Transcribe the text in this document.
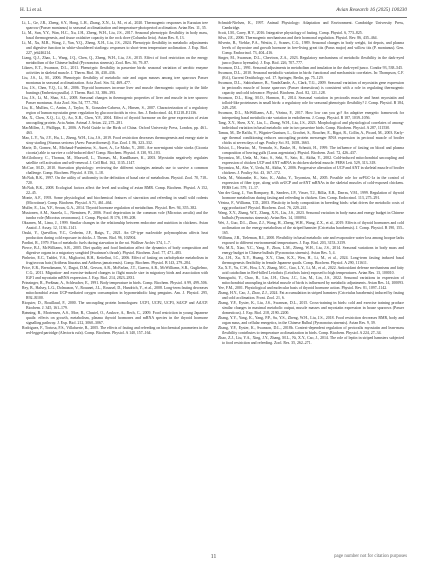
H. Li et al.	Avian Research 16 (2025) 100230

Li, L., Ge, J.R., Zheng, S.Y., Hong, L.H., Zhang, X.N., Li, M., et al., 2020. Thermogenic responses in Eurasian tree sparrow (Passer montanus) to seasonal acclimatization and temperature-photoperiod acclimation. Avian Res. 11, 35.

Li, M., Sun, Y.Y., Wan, H.C., Xu, J.H., Zheng, W.H., Liu, J.S., 2017. Seasonal phenotypic flexibility in body mass, basal thermogenesis, and tissue oxidative capacity in the rock dove (Columba livia). Avian Res. 8, 13.

Li, M., Xu, M.R., Wang, J., Yan, Y.Q., Zheng, X.H., Liu, J.S., 2024. Phenotypic flexibility in metabolic adjustments and digestive function in white-shouldered starlings: responses to short-term temperature acclimation. J. Exp. Biol. 227, jeb246214.

Liang, Q.J., Zhao, L., Wang, J.Q., Chen, Q., Zheng, W.H., Liu, J.S., 2015. Effect of food restriction on the energy metabolism of the Chinese bulbul (Pycnonotus sinensis). Zool. Res. 36, 79–87.

Liknes, E.T., Swanson, D.L., 2011. Phenotypic flexibility in passerine birds: seasonal variation of aerobic enzyme activities in skeletal muscle. J. Therm. Biol. 36, 430–436.

Liu, J.S., Li, M., 2006. Phenotypic flexibility of metabolic rate and organ masses among tree sparrows Passer montanus in seasonal acclimatization. Acta Zool. Sin. 52, 469–477.

Liu, J.S., Chen, Y.Q., Li, M., 2006. Thyroid hormones increase liver and muscle thermogenic capacity in the little buntings (Emberiza pusilla). J. Therm. Biol. 31, 386–393.

Liu, J.S., Li, M., Shao, S.L., 2008. Seasonal changes in thermogenic properties of liver and muscle in tree sparrow Passer montanus. Acta Zool. Sin. 54, 777–784.

Liu, K., Mullins, C., Arnim, J., Taylor, N., Gonzalez-Cabrera, A., Hinsen, S., 2007. Characterization of a regulatory region of human myostatin gene: regulation by glucocorticoids in vivo. Am. J. Endocrinol. 44, E1218–E1136.

Ma, X., Chen, X.Q., Li, Q., Ao, X.R., Chen, Y.F., 2004. Effect of thyroid hormone on the gene expression of avian uncoupling protein. Acta Anim. Avimal J. Avian. 22, 275–281.

MacMillen, J., Phillipps, E., 2006. A Field Guide to the Birds of China. Oxford University Press, London, pp. 461–463.

Mao, L.Y., Yu, J.Y., Hu, L., Zheng, W.H., Liu, J.S., 2019. Food restriction decreases thermogenesis and energy state in stray starling (Sturnus sericeus (Aves: Passeriformes)). Eur. Zool. J. 86, 323–332.

Marie, D., Gomez, M., Michaud-Funtenteur, S., Auret, A., Le Maho, Y., 2001. Are non-migrant white storks (Ciconia ciconia) able to survive a cold-induced diet? Comp. Biochem. Physiol. A 130, 93–103.

McGlothorry, C., Thomas, M., Maxwell, L., Thomas, M., Kandlbauer, K., 2003. Myostatin negatively regulates satellite cell activation and self-renewal. J. Cell Biol. 162, 1135–1147.

McCue, M.D., 2010. Starvation physiology: reviewing the different strategies animals use to survive a common challenge. Comp. Biochem. Physiol. A 156, 1–18.

McNab, B.K., 1997. On the utility of uniformity in the definition of basal rate of metabolism. Physiol. Zool. 70, 718–720.

McNab, B.K., 2008. Ecological factors affect the level and scaling of avian BMR. Comp. Biochem. Physiol. A 152, 22–45.

Monte, A.F., 1993. Some physiological and biochemical features of starvation and refeeding in small wild rodents (Microtinae). Comp. Biochem. Physiol. A 71, 461–464.

Muller, E., Liu, Y.F., Seoun, G.A., 2014. Thyroid hormone regulation of metabolism. Physiol. Rev. 94, 355–382.

Mustonen, A.M., Saarela, L., Nieminen, P., 2006. Food deprivation in the common vole (Microtus arvalis) and the tundra vole (Microtus oeconomus). J. Comp. Physiol. B 176, 199–208.

Oksanen, M., Lima, J., 1999. Similar changes in the relationship between endocrine and nutrition in chickens. Avian Anatol. J. Assay. 12, 1136–1141.

Osuki, Y., Quevillon, Y.C., Cerheim, J.F., Baigs, T., 2021. An CP-type nucleotide polymorphism affects heat production during cold exposure in chicks. J. Therm. Biol. 96, 102904.

Pardini, R., 1979. Flux of metabolic fuels during starvation in the rat. Walliser Archiv 374, 1–7.

Pierce, B.J., McWilliams, S.R., 2005. Diet quality and food limitation affect the dynamics of body composition and digestive organs in a migratory songbird (Swainson's thrush). Physiol. Biochem. Zool. 77, 471–483.

Pinheiro, E.C., Taddei, V.A., Migliorini, R.H., Kettelhut, I.C., 2006. Effect of fasting on carbohydrate metabolism in frugivorous bats (Artibeus lituratus and Artibeus jamaicensis). Comp. Biochem. Physiol. B 143, 279–284.

Price, E.R., Brenckmann, V., Dagot, D.M., Gerson, A.R., McFarlan, J.T., Guerra, A.R., McWilliams, S.R., Guglielmo, C.G., 2011. Migration- and exercise-induced changes to flight muscle size in migratory birds and association with IGF1 and myostatin mRNA expression. J. Exp. Biol. 214, 2823–2831.

Prinzinger, R., Preßmar, A., Schleucher, E., 1991. Body temperature in birds. Comp. Biochem. Physiol. A 99, 499–506.

Rey, B., Halsey, L.G., Dolmazon, V., Rouanet, J.L., Roussel, D., Handrich, Y., et al., 2008. Long-term fasting decreases mitochondrial avian UCP-mediated oxygen consumption in hypometabolic king penguins. Am. J. Physiol. 295, R92–R100.

Ricquier, D., Bouillaud, F., 2000. The uncoupling protein homologues: UCP1, UCP2, UCP3, StUCP and AtUCP. Biochem. J. 345, 161–179.

Rønning, B., Mortensen, A.S., Moe, B., Chastel, O., Arukwe, A., Bech, C., 2009. Food restriction in young Japanese quails: effects on growth, metabolism, plasma thyroid hormones and mRNA species in the thyroid hormone signalling pathway. J. Exp. Biol. 212, 3060–3067.

Rodriguez, F., Tortosa, F.S., Villafuerte, R., 2005. The effects of fasting and refeeding on biochemical parameters in the red-legged partridge (Alectoris rufa). Comp. Biochem. Physiol. A 140, 157–164.

Schmidt-Nielsen, K., 1997. Animal Physiology: Adaptation and Environment. Cambridge University Press, Cambridge.

Scott, I.M., Carey, H.V., 2016. Integrative physiology of fasting. Comp. Physiol. 6, 773–825.

Silva, J.E., 2006. Thermogenic mechanisms and their hormonal regulation. Physiol. Rev. 86, 435–464.

Silverin, B., Viebke, P.A., Westin, J., Scanes, C.G., 1989. Seasonal changes in body weight, fat depots, and plasma levels of thyroxine and growth hormone in free-living great tits (Parus major) and willow tits (P. montanus). Gen. Comp. Endocrinol. 73, 404–416.

Singer, M., Swanson, D.L., Cheviron, Z.A., 2023. Regulatory mechanisms of metabolic flexibility in the dark-eyed junco (Junco hyemalis). J. Exp. Biol. 226, 707–777.

Swanson, D.L., 1991. Seasonal adjustments in metabolism and insulation in the dark-eyed junco. Condor 93, 538–545.

Swanson, D.L., 2010. Seasonal metabolic variation in birds: functional and mechanistic correlates. In: Thompson, C.F. (Ed.), Current Ornithology, vol. 17. Springer, Berlin, pp. 75–129.

Swanson, D.L., Sabirzhanov, B., VandeZande, A., Clark, T.G., 2009. Seasonal variation of myostatin gene expression in pectoralis muscle of house sparrows (Passer domesticus) is consistent with a role in regulating thermogenic capacity and cold tolerance. Physiol. Biochem. Zool. 82, 121–128.

Swanson, D.L., King, M.O., Harmon, E., 2014. Seasonal variation in pectoralis muscle and heart myostatin and tolloid-like proteinases in small birds: a regulatory role for seasonal phenotypic flexibility? J. Comp. Physiol. B 184, 249–258.

Swanson, D.L., McWilliams, A.E., Vézina, F., 2017. How low can you go? An adaptive energetic framework for interpreting basal metabolic rate variation in endotherms. J. Comp. Physiol. B 187, 1039–1056.

Tang, X.Y., Shen, X.Y., Liu, L., Zhang, W.H., Liu, J.S., 2023. Morphological and physiological correlates of among-individual variation in basal metabolic rate in two passerine birds. Comp. Biochem. Physiol. A 287, 111530.

Tamas, M., De Rafila, V., Wignier-Gunturn, L., Grochet, S., Roucher, E., Rigot, R., Collin, A., Picard, M., 2003. Early-age thermal conditioning reduces uncoupling protein messenger RNA expression in pectoral muscle of broiler chicks at seven days of age. Poultry Sci. 81, 1658–1663.

Tolstoi, L., Heuriac, M., Vermahr, S., Bauke, H., Schmitt, H., 1999. The influence of fasting on blood and plasma composition of herring gulls (Larus argentatus). Physiol. Biochem. Zool. 72, 426–437.

Toyomizu, M., Ueda, M., Sato, S., Seki, Y., Sato, K., Akiba, Y., 2002. Cold-induced mitochondrial uncoupling and expression of chicken UCP and ANT mRNA in chicken skeletal muscle. FEBS Lett. 529, 313–318.

Toyomizu, M., Abe, Y., Ueda, M., Akiba, Y., 2006. Progressive alteration of UCP and ANT in skeletal muscle of broiler chickens. J. Poultry Sci. 43, 167–172.

Ueda, M., Watanabe, K., Sato, K., Akiba, Y., Toyomizu, M., 2005. Possible role for avPGC-1a in the control of expression of fiber type, along with avUCP and avANT mRNAs in the skeletal muscles of cold-exposed chickens. FEBS Lett. 579, 11–17.

Van der Gaag, J., Van Rompaey, B., Sanders, J.P., Visser, T.J., Billia, E.R., Darras, V.M., 1999. Regulation of thyroid hormone metabolism during fasting and refeeding in chicken. Gen. Comp. Endocrinol. 113, 275–291.

Vézina, F., Williams, T.D., 2003. Plasticity in body composition in breeding birds: what drives the metabolic costs of egg production? Physiol. Biochem. Zool. 76, 229–241.

Wang, X.Y., Zhang, W.T., Zhang, X.N., Liu, J.S., 2023. Seasonal variation in body mass and energy budget in Chinese bulbuls (Pycnonotus sinensis). Avian Res. 14, 100094.

Wei, J., Guo, D.L., Zhao, Z.J., Wang, H., Zheng, W.H., Wang, Z.X., et al., 2019. Effects of thyroid hormones and cold acclimation on the energy metabolism of the striped hamster (Cricetulus barabensis). J. Comp. Physiol. B 190, 155–165.

Williams, J.B., Tieleman, B.I., 2000. Flexibility in basal metabolic rate and evaporative water loss among hoopoe larks exposed to different environmental temperatures. J. Exp. Biol. 203, 3153–3159.

Wu, M.X., Xiao, Y.C., Yang, F., Zhou, L.M., Zheng, W.H., Liu, J.S., 2014. Seasonal variations in body mass and energy budget in Chinese bulbuls (Pycnonotus sinensis). Avian Res. 5, 4.

Xu, J.H., Xu, X.Y., Huang, X.Y., Chen, K.X., Wen, H., Li, M., et al., 2024. Long-term fasting induced basal thermogenesis flexibility in female Japanese quails. Comp. Biochem. Physiol. A 290, 111611.

Xu, X.Y., Yu, C.W., Hou, L.Y., Zhang, M.C., Guo, L.Y., Li, M., et al., 2022. Antioxidant defense mechanisms and fatty acid catabolism in Red-billed Leiothrix (Leiothrix lutea) exposed to high temperatures. Avian Res. 13, 100010.

Yamaguchi, Y., Chao, B., Lin, J.H., Chou, J.C., Lin, M., Lin, J.S., 2022. Seasonal variations in expression of mitochondrial uncoupling in skeletal muscle of birds is influenced by metabolic adjustments. Avian Res. 14, 100093.

Yee, F.M., 2001. Physiological and molecular basis of thyroid hormone action. Physiol. Rev. 81, 1097–1142.

Zhang, H.Y., Cao, J., Zhao, Z.J., 2024. Fat accumulation in striped hamsters (Cricetulus barabensis) induced by fasting and cold acclimation. Front. Zool. 21, 6.

Zhang, Y.F., Eyster, K., Liu, J.S., Swanson, D.L., 2015. Cross-training in birds: cold and exercise training produce similar changes in maximal metabolic output, muscle masses and myostatin expression in house sparrows (Passer domesticus). J. Exp. Biol. 218, 2190–2200.

Zhang, Y.Y., Yang, K., Yang, P.P., Su, Y.S., Zheng, W.H., Liu, J.S., 2018. Food restriction decreases BMR, body and organ mass, and cellular energetics, in the Chinese Bulbul (Pycnonotus sinensis). Avian Res. 9, 39.

Zhang, Y.F., Eyster, K., Swanson, D.L., 2018b. Context-dependent regulation of pectoralis myostatin and lean-mass flexibility contributes to temperature acclimatization in birds. Comp. Biochem. Physiol. A 224, 27–34.

Zhao, Z.J., Liu, Y.A., Xing, J.Y., Zhang, M.L., Ni, X.Y., Cao, J., 2014. The role of leptin in striped hamsters subjected to food restriction and refeeding. Zool. Res. 35, 262–271.

11	page number not for citation purposes
